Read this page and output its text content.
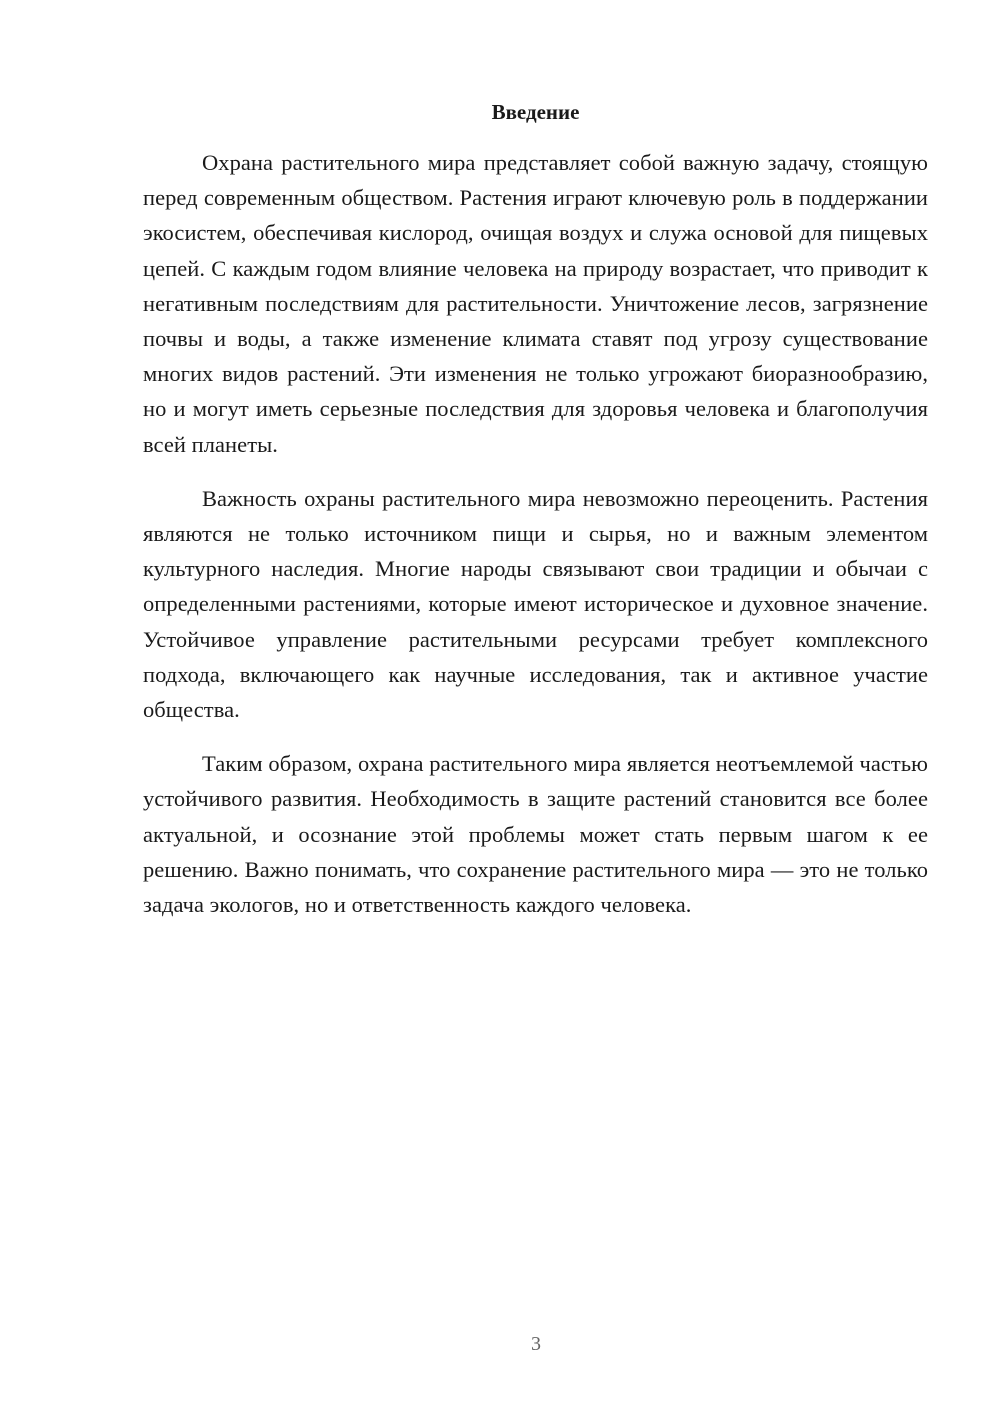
Введение

Охрана растительного мира представляет собой важную задачу, стоящую перед современным обществом. Растения играют ключевую роль в поддержании экосистем, обеспечивая кислород, очищая воздух и служа основой для пищевых цепей. С каждым годом влияние человека на природу возрастает, что приводит к негативным последствиям для растительности. Уничтожение лесов, загрязнение почвы и воды, а также изменение климата ставят под угрозу существование многих видов растений. Эти изменения не только угрожают биоразнообразию, но и могут иметь серьезные последствия для здоровья человека и благополучия всей планеты.

Важность охраны растительного мира невозможно переоценить. Растения являются не только источником пищи и сырья, но и важным элементом культурного наследия. Многие народы связывают свои традиции и обычаи с определенными растениями, которые имеют историческое и духовное значение. Устойчивое управление растительными ресурсами требует комплексного подхода, включающего как научные исследования, так и активное участие общества.

Таким образом, охрана растительного мира является неотъемлемой частью устойчивого развития. Необходимость в защите растений становится все более актуальной, и осознание этой проблемы может стать первым шагом к ее решению. Важно понимать, что сохранение растительного мира — это не только задача экологов, но и ответственность каждого человека.

3
